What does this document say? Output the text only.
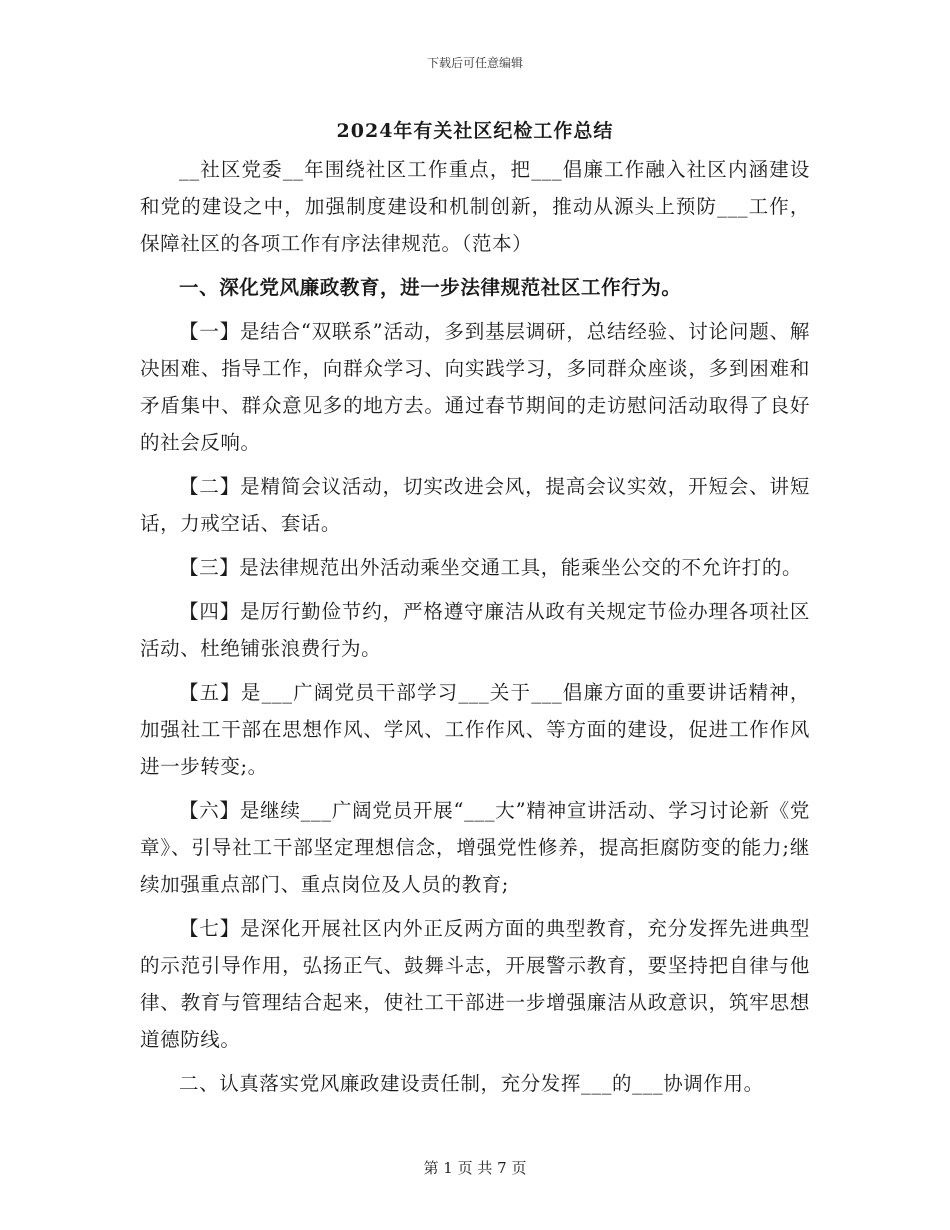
下载后可任意编辑
2024年有关社区纪检工作总结

__社区党委__年围绕社区工作重点，把___倡廉工作融入社区内涵建设和党的建设之中，加强制度建设和机制创新，推动从源头上预防___工作，保障社区的各项工作有序法律规范。（范本）

一、深化党风廉政教育，进一步法律规范社区工作行为。

【一】是结合“双联系”活动，多到基层调研，总结经验、讨论问题、解决困难、指导工作，向群众学习、向实践学习，多同群众座谈，多到困难和矛盾集中、群众意见多的地方去。通过春节期间的走访慰问活动取得了良好的社会反响。

【二】是精简会议活动，切实改进会风，提高会议实效，开短会、讲短话，力戒空话、套话。

【三】是法律规范出外活动乘坐交通工具，能乘坐公交的不允许打的。

【四】是厉行勤俭节约，严格遵守廉洁从政有关规定节俭办理各项社区活动、杜绝铺张浪费行为。

【五】是___广阔党员干部学习___关于___倡廉方面的重要讲话精神，加强社工干部在思想作风、学风、工作作风、等方面的建设，促进工作作风进一步转变;。

【六】是继续___广阔党员开展“___大”精神宣讲活动、学习讨论新《党章》、引导社工干部坚定理想信念，增强党性修养，提高拒腐防变的能力;继续加强重点部门、重点岗位及人员的教育;

【七】是深化开展社区内外正反两方面的典型教育，充分发挥先进典型的示范引导作用，弘扬正气、鼓舞斗志，开展警示教育，要坚持把自律与他律、教育与管理结合起来，使社工干部进一步增强廉洁从政意识，筑牢思想道德防线。

二、认真落实党风廉政建设责任制，充分发挥___的___协调作用。

第 1 页 共 7 页
